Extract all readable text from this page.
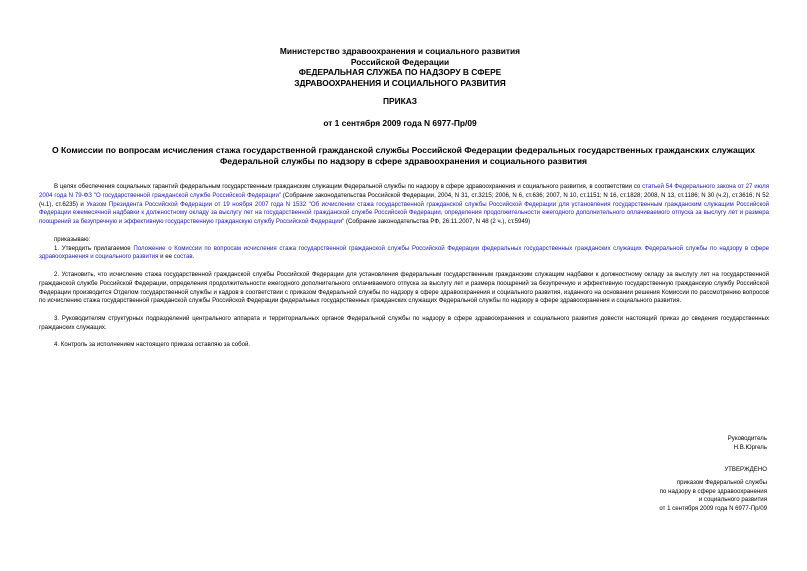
Министерство здравоохранения и социального развития
Российской Федерации
ФЕДЕРАЛЬНАЯ СЛУЖБА ПО НАДЗОРУ В СФЕРЕ
ЗДРАВООХРАНЕНИЯ И СОЦИАЛЬНОГО РАЗВИТИЯ
ПРИКАЗ
от 1 сентября 2009 года N 6977-Пр/09
О Комиссии по вопросам исчисления стажа государственной гражданской службы Российской Федерации федеральных государственных гражданских служащих Федеральной службы по надзору в сфере здравоохранения и социального развития

В целях обеспечения социальных гарантий федеральным государственным гражданским служащим Федеральной службы по надзору в сфере здравоохранения и социального развития, в соответствии со статьей 54 Федерального закона от 27 июля 2004 года N 79-ФЗ "О государственной гражданской службе Российской Федерации" (Собрание законодательства Российской Федерации, 2004, N 31, ст.3215; 2006, N 6, ст.636; 2007, N 10, ст.1151; N 16, ст.1828; 2008, N 13, ст.1186; N 30 (ч.2), ст.3616; N 52 (ч.1), ст.6235) и Указом Президента Российской Федерации от 19 ноября 2007 года N 1532 "Об исчислении стажа государственной гражданской службы Российской Федерации для установления государственным гражданским служащим Российской Федерации ежемесячной надбавки к должностному окладу за выслугу лет на государственной гражданской службе Российской Федерации, определения продолжительности ежегодного дополнительного оплачиваемого отпуска за выслугу лет и размера поощрений за безупречную и эффективную государственную гражданскую службу Российской Федерации" (Собрание законодательства РФ, 26.11.2007, N 48 (2 ч.), ст.5949)

приказываю:

1. Утвердить прилагаемое Положение о Комиссии по вопросам исчисления стажа государственной гражданской службы Российской Федерации федеральных государственных гражданских служащих Федеральной службы по надзору в сфере здравоохранения и социального развития и ее состав.

2. Установить, что исчисление стажа государственной гражданской службы Российской Федерации для установления федеральным государственным гражданским служащим надбавки к должностному окладу за выслугу лет на государственной гражданской службе Российской Федерации, определения продолжительности ежегодного дополнительного оплачиваемого отпуска за выслугу лет и размера поощрений за безупречную и эффективную государственную гражданскую службу Российской Федерации производится Отделом государственной службы и кадров в соответствии с приказом Федеральной службы по надзору в сфере здравоохранения и социального развития, изданного на основании решения Комиссии по рассмотрению вопросов по исчислению стажа государственной гражданской службы Российской Федерации федеральных государственных гражданских служащих Федеральной службы по надзору в сфере здравоохранения и социального развития.

3. Руководителям структурных подразделений центрального аппарата и территориальных органов Федеральной службы по надзору в сфере здравоохранения и социального развития довести настоящий приказ до сведения государственных гражданских служащих.

4. Контроль за исполнением настоящего приказа оставляю за собой.

Руководитель
Н.В.Юргель
УТВЕРЖДЕНО
приказом Федеральной службы
по надзору в сфере здравоохранения
и социального развития
от 1 сентября 2009 года N 6977-Пр/09
